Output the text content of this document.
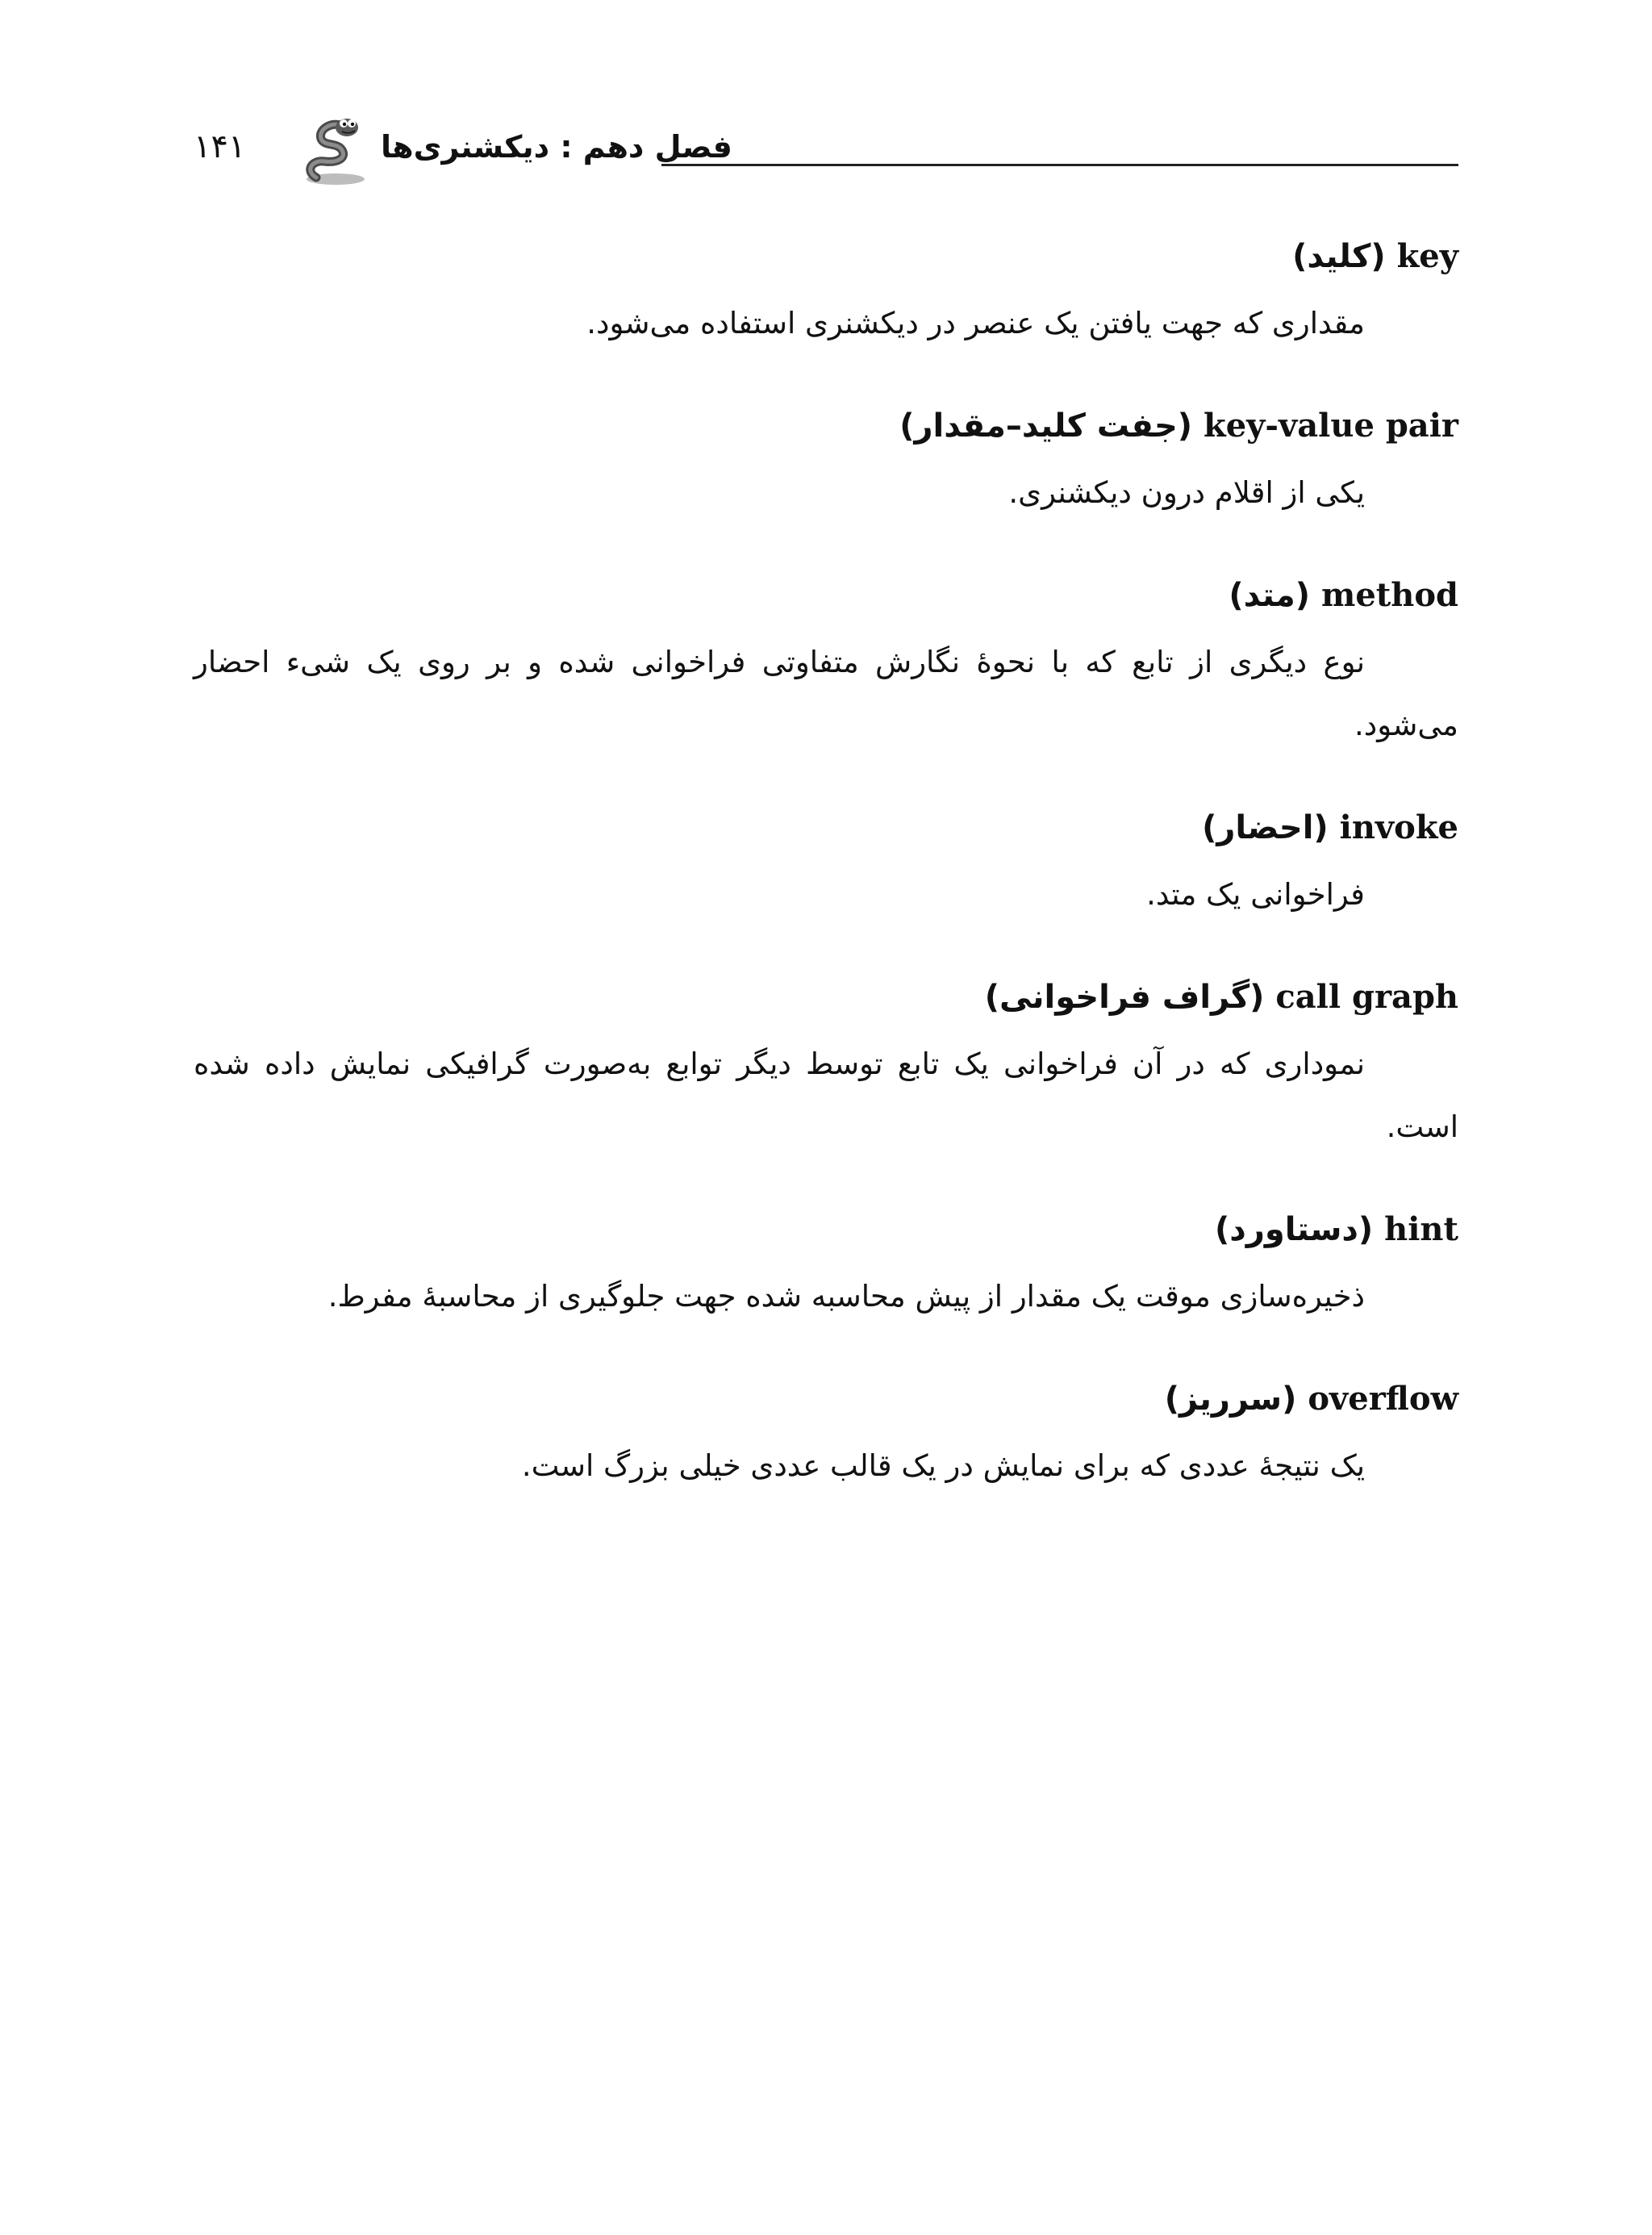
۱۴۱	فصل دهم : دیکشنری‌ها
key (کلید)
مقداری که جهت یافتن یک عنصر در دیکشنری استفاده می‌شود.
key-value pair (جفت کلید–مقدار)
یکی از اقلام درون دیکشنری.
method (متد)
نوع دیگری از تابع که با نحوهٔ نگارش متفاوتی فراخوانی شده و بر روی یک شیء احضار می‌شود.
invoke (احضار)
فراخوانی یک متد.
call graph (گراف فراخوانی)
نموداری که در آن فراخوانی یک تابع توسط دیگر توابع به‌صورت گرافیکی نمایش داده شده است.
hint (دستاورد)
ذخیره‌سازی موقت یک مقدار از پیش محاسبه شده جهت جلوگیری از محاسبهٔ مفرط.
overflow (سرریز)
یک نتیجهٔ عددی که برای نمایش در یک قالب عددی خیلی بزرگ است.
